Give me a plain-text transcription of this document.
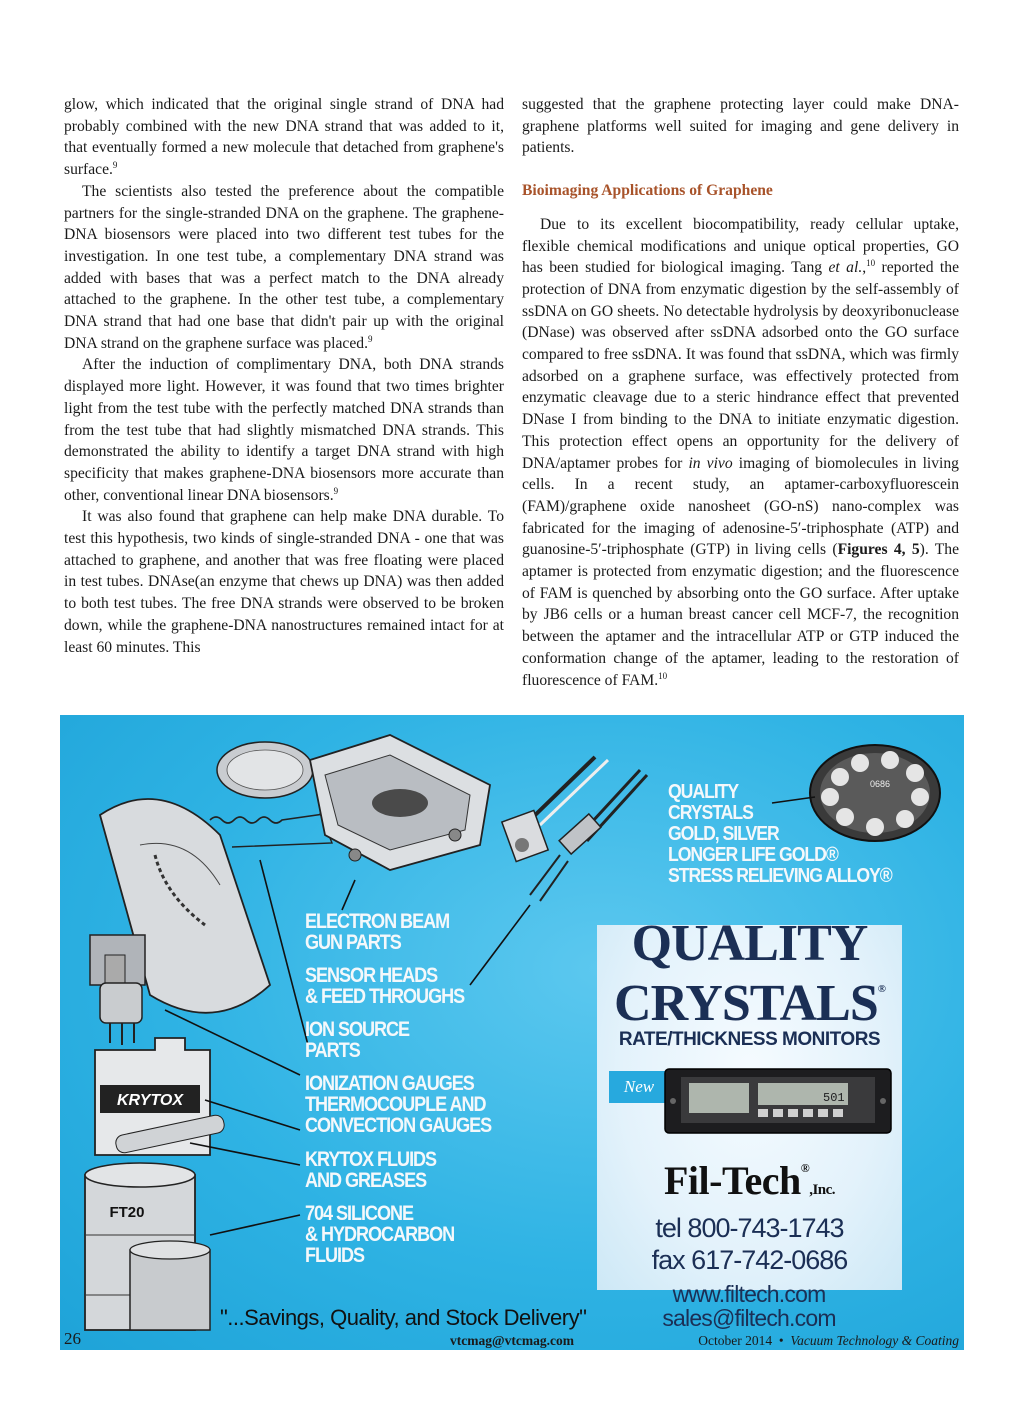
glow, which indicated that the original single strand of DNA had probably combined with the new DNA strand that was added to it, that eventually formed a new molecule that detached from graphene's surface.$^9$

The scientists also tested the preference about the compatible partners for the single-stranded DNA on the graphene. The graphene-DNA biosensors were placed into two different test tubes for the investigation. In one test tube, a complementary DNA strand was added with bases that was a perfect match to the DNA already attached to the graphene. In the other test tube, a complementary DNA strand that had one base that didn't pair up with the original DNA strand on the graphene surface was placed.$^9$

After the induction of complimentary DNA, both DNA strands displayed more light. However, it was found that two times brighter light from the test tube with the perfectly matched DNA strands than from the test tube that had slightly mismatched DNA strands. This demonstrated the ability to identify a target DNA strand with high specificity that makes graphene-DNA biosensors more accurate than other, conventional linear DNA biosensors.$^9$

It was also found that graphene can help make DNA durable. To test this hypothesis, two kinds of single-stranded DNA - one that was attached to graphene, and another that was free floating were placed in test tubes. DNAse(an enzyme that chews up DNA) was then added to both test tubes. The free DNA strands were observed to be broken down, while the graphene-DNA nanostructures remained intact for at least 60 minutes. This

suggested that the graphene protecting layer could make DNA-graphene platforms well suited for imaging and gene delivery in patients.

Bioimaging Applications of Graphene

Due to its excellent biocompatibility, ready cellular uptake, flexible chemical modifications and unique optical properties, GO has been studied for biological imaging. Tang et al.,$^{10}$ reported the protection of DNA from enzymatic digestion by the self-assembly of ssDNA on GO sheets. No detectable hydrolysis by deoxyribonuclease (DNase) was observed after ssDNA adsorbed onto the GO surface compared to free ssDNA. It was found that ssDNA, which was firmly adsorbed on a graphene surface, was effectively protected from enzymatic cleavage due to a steric hindrance effect that prevented DNase I from binding to the DNA to initiate enzymatic digestion. This protection effect opens an opportunity for the delivery of DNA/aptamer probes for in vivo imaging of biomolecules in living cells. In a recent study, an aptamer-carboxyfluorescein (FAM)/graphene oxide nanosheet (GO-nS) nano-complex was fabricated for the imaging of adenosine-5′-triphosphate (ATP) and guanosine-5′-triphosphate (GTP) in living cells (Figures 4, 5). The aptamer is protected from enzymatic digestion; and the fluorescence of FAM is quenched by absorbing onto the GO surface. After uptake by JB6 cells or a human breast cancer cell MCF-7, the recognition between the aptamer and the intracellular ATP or GTP induced the conformation change of the aptamer, leading to the restoration of fluorescence of FAM.$^{10}$

0686
KRYTOX
FT20
QUALITY
CRYSTALS
GOLD, SILVER
LONGER LIFE GOLD®
STRESS RELIEVING ALLOY®
ELECTRON BEAM
GUN PARTS
SENSOR HEADS
& FEED THROUGHS
ION SOURCE
PARTS
IONIZATION GAUGES
THERMOCOUPLE AND
CONVECTION GAUGES
KRYTOX FLUIDS
AND GREASES
704 SILICONE
& HYDROCARBON
FLUIDS
QUALITY
CRYSTALS®
RATE/THICKNESS MONITORS
New
501
Fil-Tech®,Inc.
tel 800-743-1743
fax 617-742-0686
www.filtech.com
sales@filtech.com
"...Savings, Quality, and Stock Delivery"
26	vtcmag@vtcmag.com	October 2014 • Vacuum Technology & Coating
